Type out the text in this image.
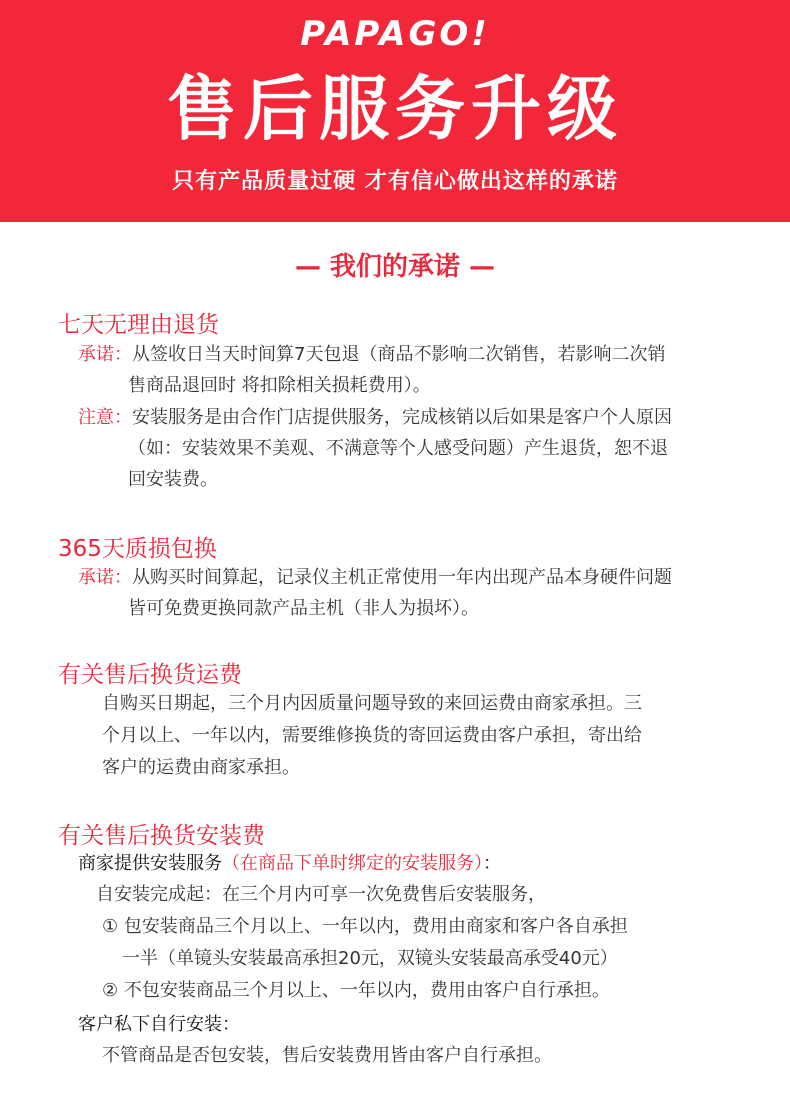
PAPAGO!
售后服务升级
只有产品质量过硬 才有信心做出这样的承诺
— 我们的承诺 —
七天无理由退货
承诺：从签收日当天时间算7天包退（商品不影响二次销售，若影响二次销
售商品退回时 将扣除相关损耗费用）。
注意：安装服务是由合作门店提供服务，完成核销以后如果是客户个人原因
（如：安装效果不美观、不满意等个人感受问题）产生退货，恕不退
回安装费。
365天质损包换
承诺：从购买时间算起，记录仪主机正常使用一年内出现产品本身硬件问题
皆可免费更换同款产品主机（非人为损坏）。
有关售后换货运费
自购买日期起，三个月内因质量问题导致的来回运费由商家承担。三
个月以上、一年以内，需要维修换货的寄回运费由客户承担，寄出给
客户的运费由商家承担。
有关售后换货安装费
商家提供安装服务（在商品下单时绑定的安装服务）：
自安装完成起：在三个月内可享一次免费售后安装服务，
① 包安装商品三个月以上、一年以内，费用由商家和客户各自承担
一半（单镜头安装最高承担20元，双镜头安装最高承受40元）
② 不包安装商品三个月以上、一年以内，费用由客户自行承担。
客户私下自行安装：
不管商品是否包安装，售后安装费用皆由客户自行承担。
